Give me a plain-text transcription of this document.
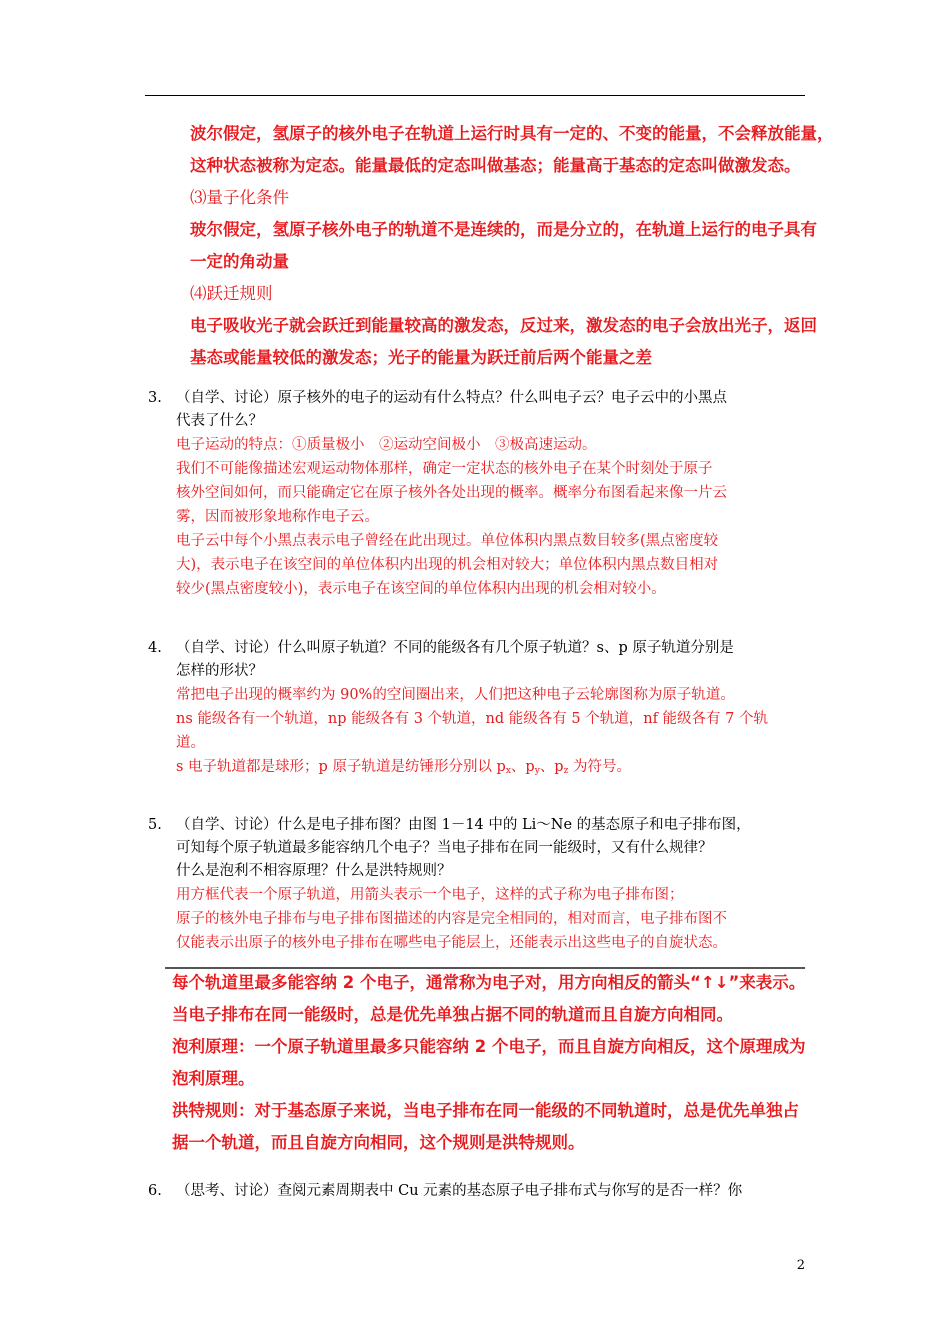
波尔假定，氢原子的核外电子在轨道上运行时具有一定的、不变的能量，不会释放能量，

这种状态被称为定态。能量最低的定态叫做基态；能量高于基态的定态叫做激发态。

⑶量子化条件

玻尔假定，氢原子核外电子的轨道不是连续的，而是分立的，在轨道上运行的电子具有

一定的角动量

⑷跃迁规则

电子吸收光子就会跃迁到能量较高的激发态，反过来，激发态的电子会放出光子，返回

基态或能量较低的激发态；光子的能量为跃迁前后两个能量之差

3. （自学、讨论）原子核外的电子的运动有什么特点？什么叫电子云？电子云中的小黑点

代表了什么？

电子运动的特点：①质量极小　②运动空间极小　③极高速运动。

我们不可能像描述宏观运动物体那样，确定一定状态的核外电子在某个时刻处于原子

核外空间如何，而只能确定它在原子核外各处出现的概率。概率分布图看起来像一片云

雾，因而被形象地称作电子云。

电子云中每个小黑点表示电子曾经在此出现过。单位体积内黑点数目较多(黑点密度较

大)，表示电子在该空间的单位体积内出现的机会相对较大；单位体积内黑点数目相对

较少(黑点密度较小)，表示电子在该空间的单位体积内出现的机会相对较小。

4. （自学、讨论）什么叫原子轨道？不同的能级各有几个原子轨道？s、p 原子轨道分别是

怎样的形状？

常把电子出现的概率约为 90%的空间圈出来，人们把这种电子云轮廓图称为原子轨道。

ns 能级各有一个轨道，np 能级各有 3 个轨道，nd 能级各有 5 个轨道，nf 能级各有 7 个轨

道。

s 电子轨道都是球形；p 原子轨道是纺锤形分别以 $p_x$、$p_y$、$p_z$ 为符号。

5. （自学、讨论）什么是电子排布图？由图 1－14 中的 Li～Ne 的基态原子和电子排布图，

可知每个原子轨道最多能容纳几个电子？当电子排布在同一能级时，又有什么规律？

什么是泡利不相容原理？什么是洪特规则？

用方框代表一个原子轨道，用箭头表示一个电子，这样的式子称为电子排布图；

原子的核外电子排布与电子排布图描述的内容是完全相同的，相对而言，电子排布图不

仅能表示出原子的核外电子排布在哪些电子能层上，还能表示出这些电子的自旋状态。

每个轨道里最多能容纳 2 个电子，通常称为电子对，用方向相反的箭头“↑↓”来表示。

当电子排布在同一能级时，总是优先单独占据不同的轨道而且自旋方向相同。

泡利原理：一个原子轨道里最多只能容纳 2 个电子，而且自旋方向相反，这个原理成为

泡利原理。

洪特规则：对于基态原子来说，当电子排布在同一能级的不同轨道时，总是优先单独占

据一个轨道，而且自旋方向相同，这个规则是洪特规则。

6. （思考、讨论）查阅元素周期表中 Cu 元素的基态原子电子排布式与你写的是否一样？你

2
